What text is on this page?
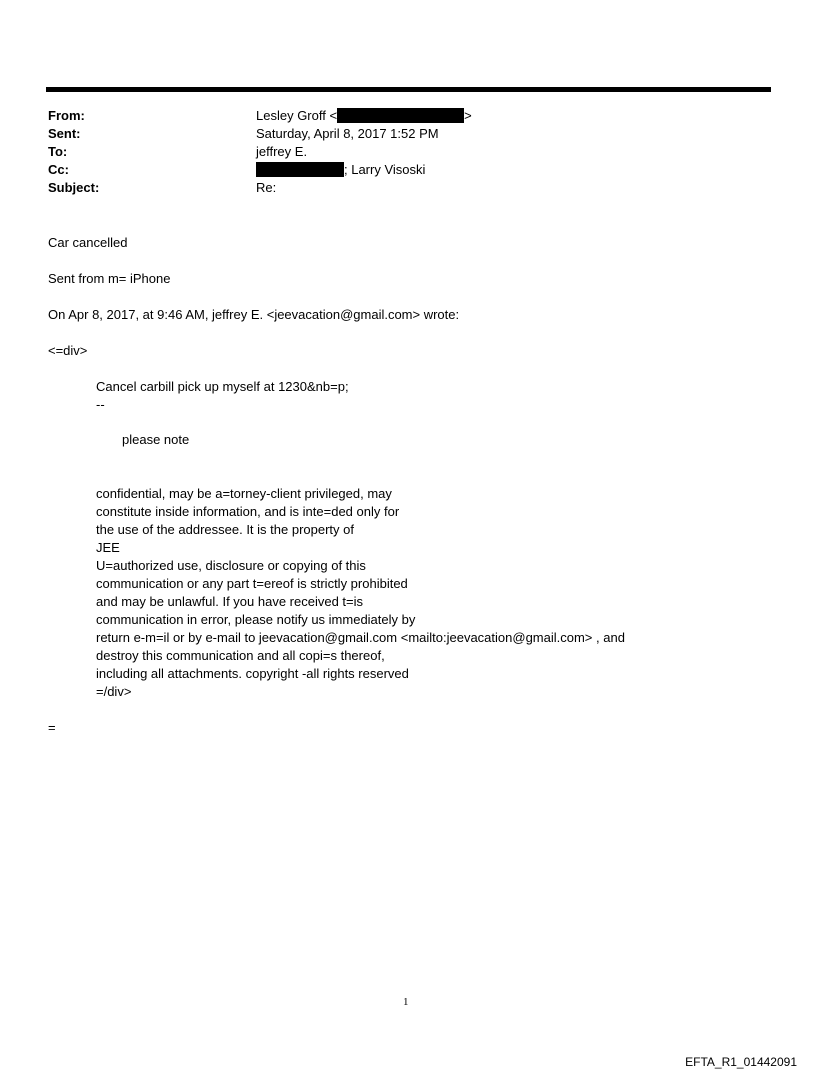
From:	Lesley Groff <	>
Sent:	Saturday, April 8, 2017 1:52 PM
To:	jeffrey E.
Cc:	; Larry Visoski
Subject:	Re:
Car cancelled
Sent from m= iPhone
On Apr 8, 2017, at 9:46 AM, jeffrey E. <jeevacation@gmail.com> wrote:
<=div>
Cancel carbill pick up myself at 1230&nb=p;
--
please note
confidential, may be a=torney-client privileged, may
constitute inside information, and is inte=ded only for
the use of the addressee. It is the property of
JEE
U=authorized use, disclosure or copying of this
communication or any part t=ereof is strictly prohibited
and may be unlawful. If you have received t=is
communication in error, please notify us immediately by
return e-m=il or by e-mail to jeevacation@gmail.com <mailto:jeevacation@gmail.com> , and
destroy this communication and all copi=s thereof,
including all attachments. copyright -all rights reserved
=/div>
=
1
EFTA_R1_01442091
